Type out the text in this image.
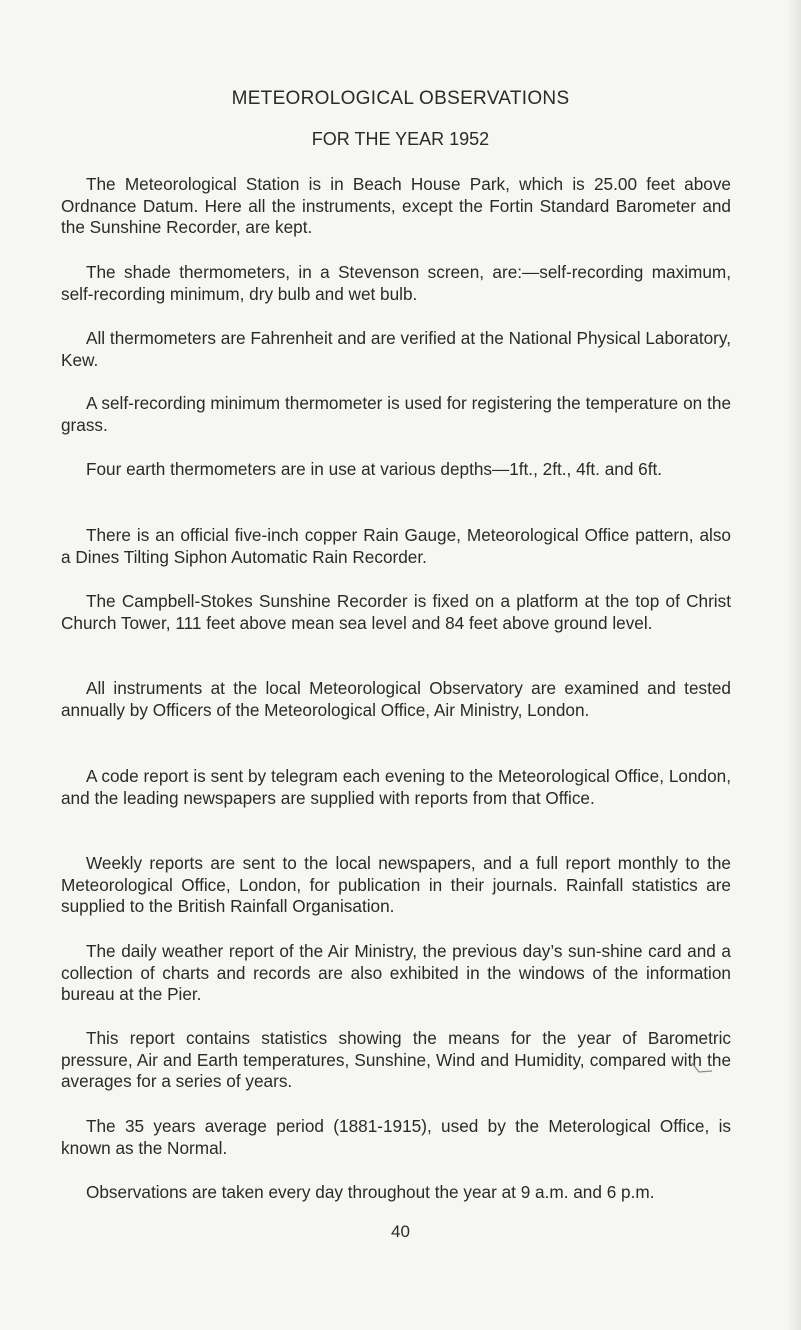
METEOROLOGICAL OBSERVATIONS
FOR THE YEAR 1952

The Meteorological Station is in Beach House Park, which is 25.00 feet above Ordnance Datum. Here all the instruments, except the Fortin Standard Barometer and the Sunshine Recorder, are kept.

The shade thermometers, in a Stevenson screen, are:—self-recording maximum, self-recording minimum, dry bulb and wet bulb.

All thermometers are Fahrenheit and are verified at the National Physical Laboratory, Kew.

A self-recording minimum thermometer is used for registering the temperature on the grass.

Four earth thermometers are in use at various depths—1ft., 2ft., 4ft. and 6ft.

There is an official five-inch copper Rain Gauge, Meteorological Office pattern, also a Dines Tilting Siphon Automatic Rain Recorder.

The Campbell-Stokes Sunshine Recorder is fixed on a platform at the top of Christ Church Tower, 111 feet above mean sea level and 84 feet above ground level.

All instruments at the local Meteorological Observatory are examined and tested annually by Officers of the Meteorological Office, Air Ministry, London.

A code report is sent by telegram each evening to the Meteorological Office, London, and the leading newspapers are supplied with reports from that Office.

Weekly reports are sent to the local newspapers, and a full report monthly to the Meteorological Office, London, for publication in their journals. Rainfall statistics are supplied to the British Rainfall Organisation.

The daily weather report of the Air Ministry, the previous day’s sun-shine card and a collection of charts and records are also exhibited in the windows of the information bureau at the Pier.

This report contains statistics showing the means for the year of Barometric pressure, Air and Earth temperatures, Sunshine, Wind and Humidity, compared with the averages for a series of years.

The 35 years average period (1881-1915), used by the Meterological Office, is known as the Normal.

Observations are taken every day throughout the year at 9 a.m. and 6 p.m.

40
